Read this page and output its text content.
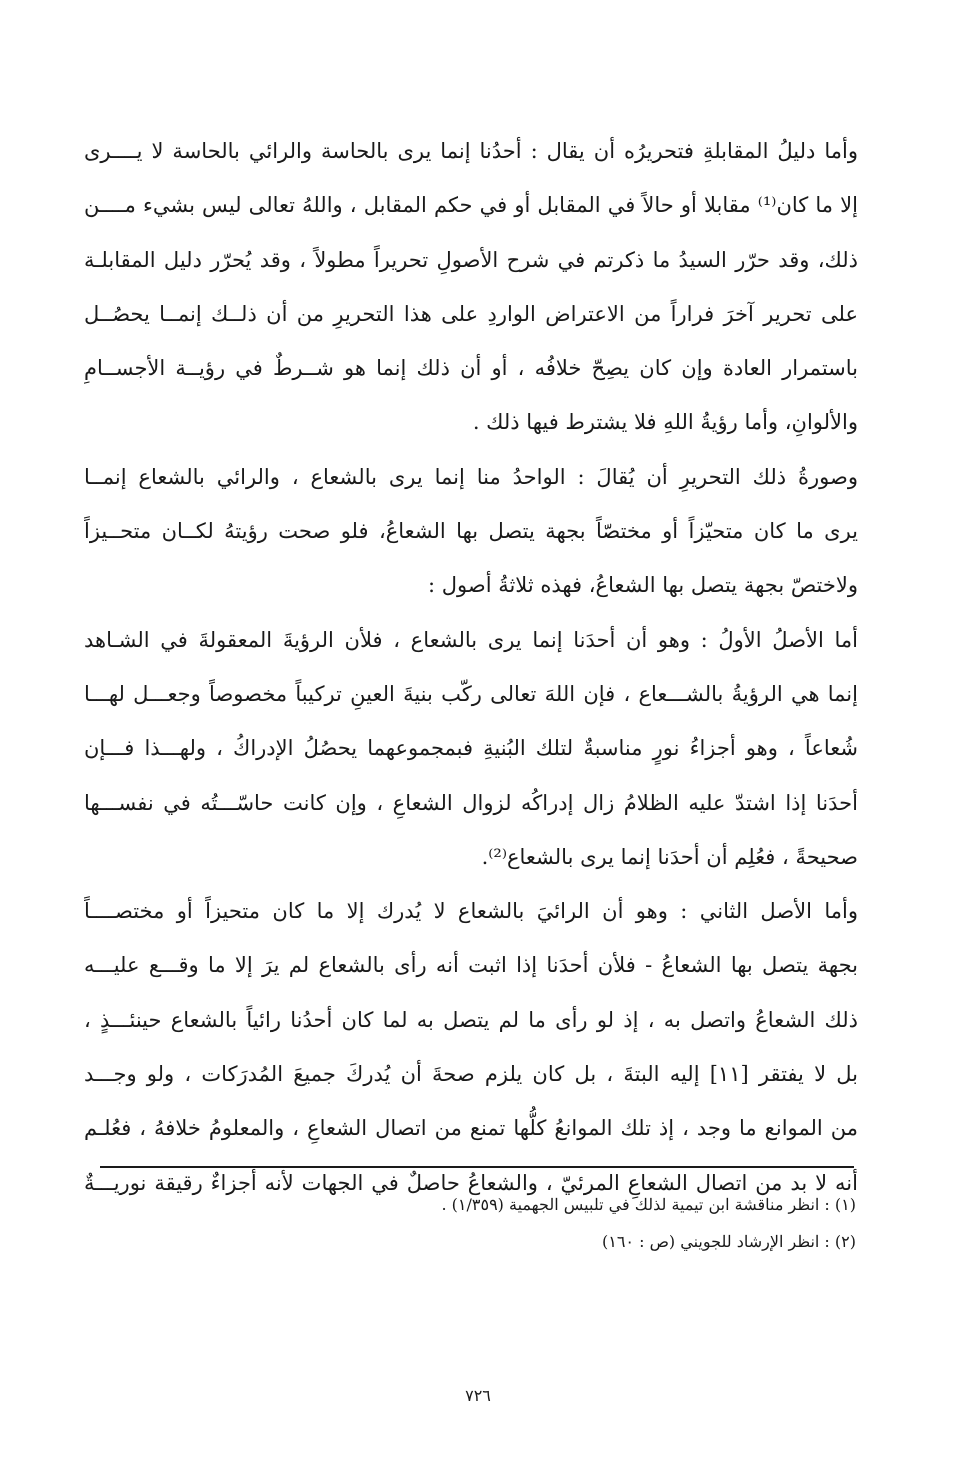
وأما دليلُ المقابلةِ فتحريرُه أن يقال : أحدُنا إنما يرى بالحاسة والرائي بالحاسة لا يــــرى
إلا ما كان⁽¹⁾ مقابلا أو حالاً في المقابل أو في حكم المقابل ، واللهُ تعالى ليس بشيء مــــن
ذلك، وقد حرّر السيدُ ما ذكرتم في شرح الأصولِ تحريراً مطولاً ، وقد يُحرّر دليل المقابلـة
على تحرير آخرَ فراراً من الاعتراض الواردِ على هذا التحريرِ من أن ذلــك إنمــا يحصُــل
باستمرار العادة وإن كان يصِحّ خلافُه ، أو أن ذلك إنما هو شــرطٌ في رؤيــة الأجســامِ
والألوانِ، وأما رؤيةُ اللهِ فلا يشترط فيها ذلك .
وصورةُ ذلك التحريرِ أن يُقالَ : الواحدُ منا إنما يرى بالشعاع ، والرائي بالشعاع إنمــا
يرى ما كان متحيّزاً أو مختصّاً بجهة يتصل بها الشعاعُ، فلو صحت رؤيتهُ لكــان متحــيزاً
ولاختصّ بجهة يتصل بها الشعاعُ، فهذه ثلاثةُ أصول :
أما الأصلُ الأولُ : وهو أن أحدَنا إنما يرى بالشعاع ، فلأن الرؤيةَ المعقولةَ في الشـاهد
إنما هي الرؤيةُ بالشـــعاع ، فإن اللهَ تعالى ركّب بنيةَ العينِ تركيباً مخصوصاً وجعـــل لهـــا
شُعاعاً ، وهو أجزاءُ نورٍ مناسبةٌ لتلك البُنيةِ فبمجموعهما يحصُلُ الإدراكُ ، ولهـــذا فـــإن
أحدَنا إذا اشتدّ عليه الظلامُ زال إدراكُه لزوال الشعاعِ ، وإن كانت حاسّـــتُه في نفســـها
صحيحةً ، فعُلِم أن أحدَنا إنما يرى بالشعاع⁽²⁾.
وأما الأصل الثاني : وهو أن الرائيَ بالشعاع لا يُدرك إلا ما كان متحيزاً أو مختصــــاً
بجهة يتصل بها الشعاعُ - فلأن أحدَنا إذا اثبت أنه رأى بالشعاع لم يرَ إلا ما وقـــع عليـــه
ذلك الشعاعُ واتصل به ، إذ لو رأى ما لم يتصل به لما كان أحدُنا رائياً بالشعاع حينئـــذٍ ،
بل لا يفتقر [١١] إليه البتةَ ، بل كان يلزم صحةَ أن يُدركَ جميعَ المُدرَكات ، ولو وجـــد
من الموانع ما وجد ، إذ تلك الموانعُ كلُّها تمنع من اتصال الشعاعِ ، والمعلومُ خلافهُ ، فعُلـم
أنه لا بد من اتصال الشعاعِ المرئيّ ، والشعاعُ حاصلٌ في الجهات لأنه أجزاءٌ رقيقة نوريـــةٌ
(١) : انظر مناقشة ابن تيمية لذلك في تلبيس الجهمية (١/٣٥٩) .
(٢) : انظر الإرشاد للجويني (ص : ١٦٠)
٧٢٦
